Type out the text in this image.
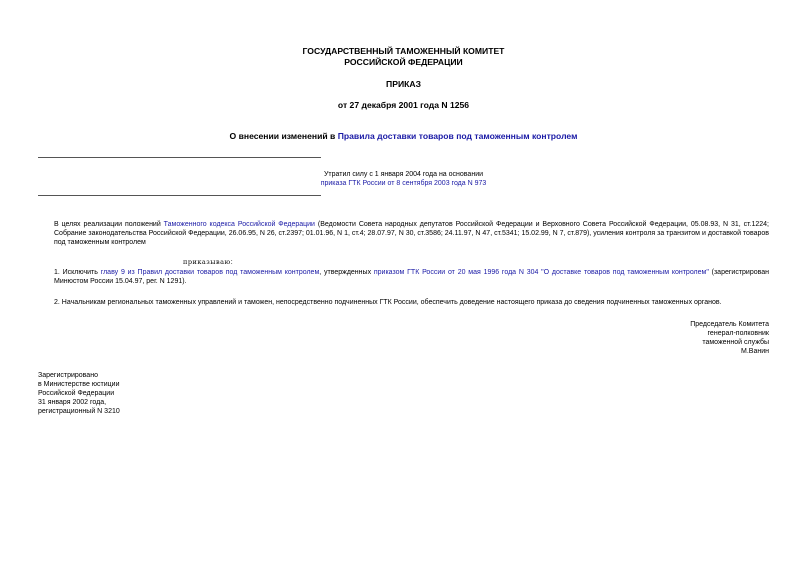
ГОСУДАРСТВЕННЫЙ ТАМОЖЕННЫЙ КОМИТЕТ
РОССИЙСКОЙ ФЕДЕРАЦИИ
ПРИКАЗ
от 27 декабря 2001 года N 1256
О внесении изменений в Правила доставки товаров под таможенным контролем
Утратил силу с 1 января 2004 года на основании
приказа ГТК России от 8 сентября 2003 года N 973
В целях реализации положений Таможенного кодекса Российской Федерации (Ведомости Совета народных депутатов Российской Федерации и Верховного Совета Российской Федерации, 05.08.93, N 31, ст.1224; Собрание законодательства Российской Федерации, 26.06.95, N 26, ст.2397; 01.01.96, N 1, ст.4; 28.07.97, N 30, ст.3586; 24.11.97, N 47, ст.5341; 15.02.99, N 7, ст.879), усиления контроля за транзитом и доставкой товаров под таможенным контролем
приказываю:
1. Исключить главу 9 из Правил доставки товаров под таможенным контролем, утвержденных приказом ГТК России от 20 мая 1996 года N 304 "О доставке товаров под таможенным контролем" (зарегистрирован Минюстом России 15.04.97, рег. N 1291).
2. Начальникам региональных таможенных управлений и таможен, непосредственно подчиненных ГТК России, обеспечить доведение настоящего приказа до сведения подчиненных таможенных органов.
Председатель Комитета
генерал-полковник
таможенной службы
М.Ванин
Зарегистрировано
в Министерстве юстиции
Российской Федерации
31 января 2002 года,
регистрационный N 3210
